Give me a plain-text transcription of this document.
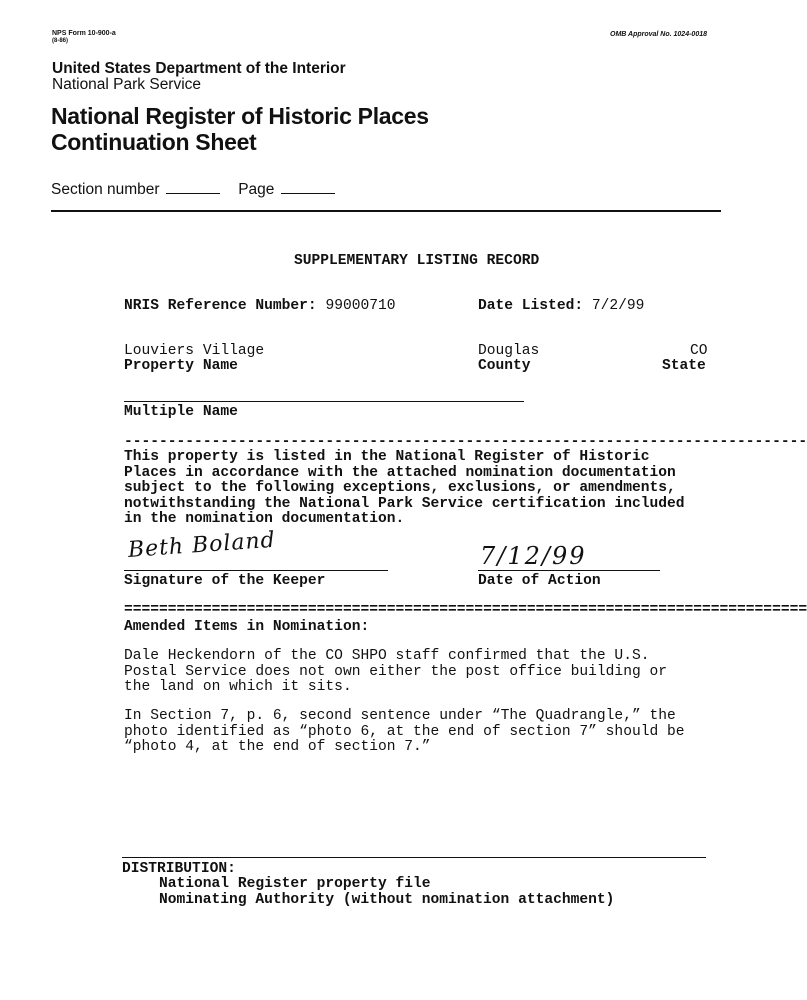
NPS Form 10-900-a
(8-86)
OMB Approval No. 1024-0018
United States Department of the Interior
National Park Service
National Register of Historic Places
Continuation Sheet
Section number	Page
SUPPLEMENTARY LISTING RECORD
NRIS Reference Number: 99000710	Date Listed: 7/2/99
Louviers Village
Property Name
Douglas
County
CO
State
Multiple Name
------------------------------------------------------------------------------
This property is listed in the National Register of Historic
Places in accordance with the attached nomination documentation
subject to the following exceptions, exclusions, or amendments,
notwithstanding the National Park Service certification included
in the nomination documentation.
Beth Boland
Signature of the Keeper
7/12/99
Date of Action
==============================================================================
Amended Items in Nomination:
Dale Heckendorn of the CO SHPO staff confirmed that the U.S.
Postal Service does not own either the post office building or
the land on which it sits.
In Section 7, p. 6, second sentence under “The Quadrangle,” the
photo identified as “photo 6, at the end of section 7” should be
“photo 4, at the end of section 7.”
DISTRIBUTION:
National Register property file
Nominating Authority (without nomination attachment)
